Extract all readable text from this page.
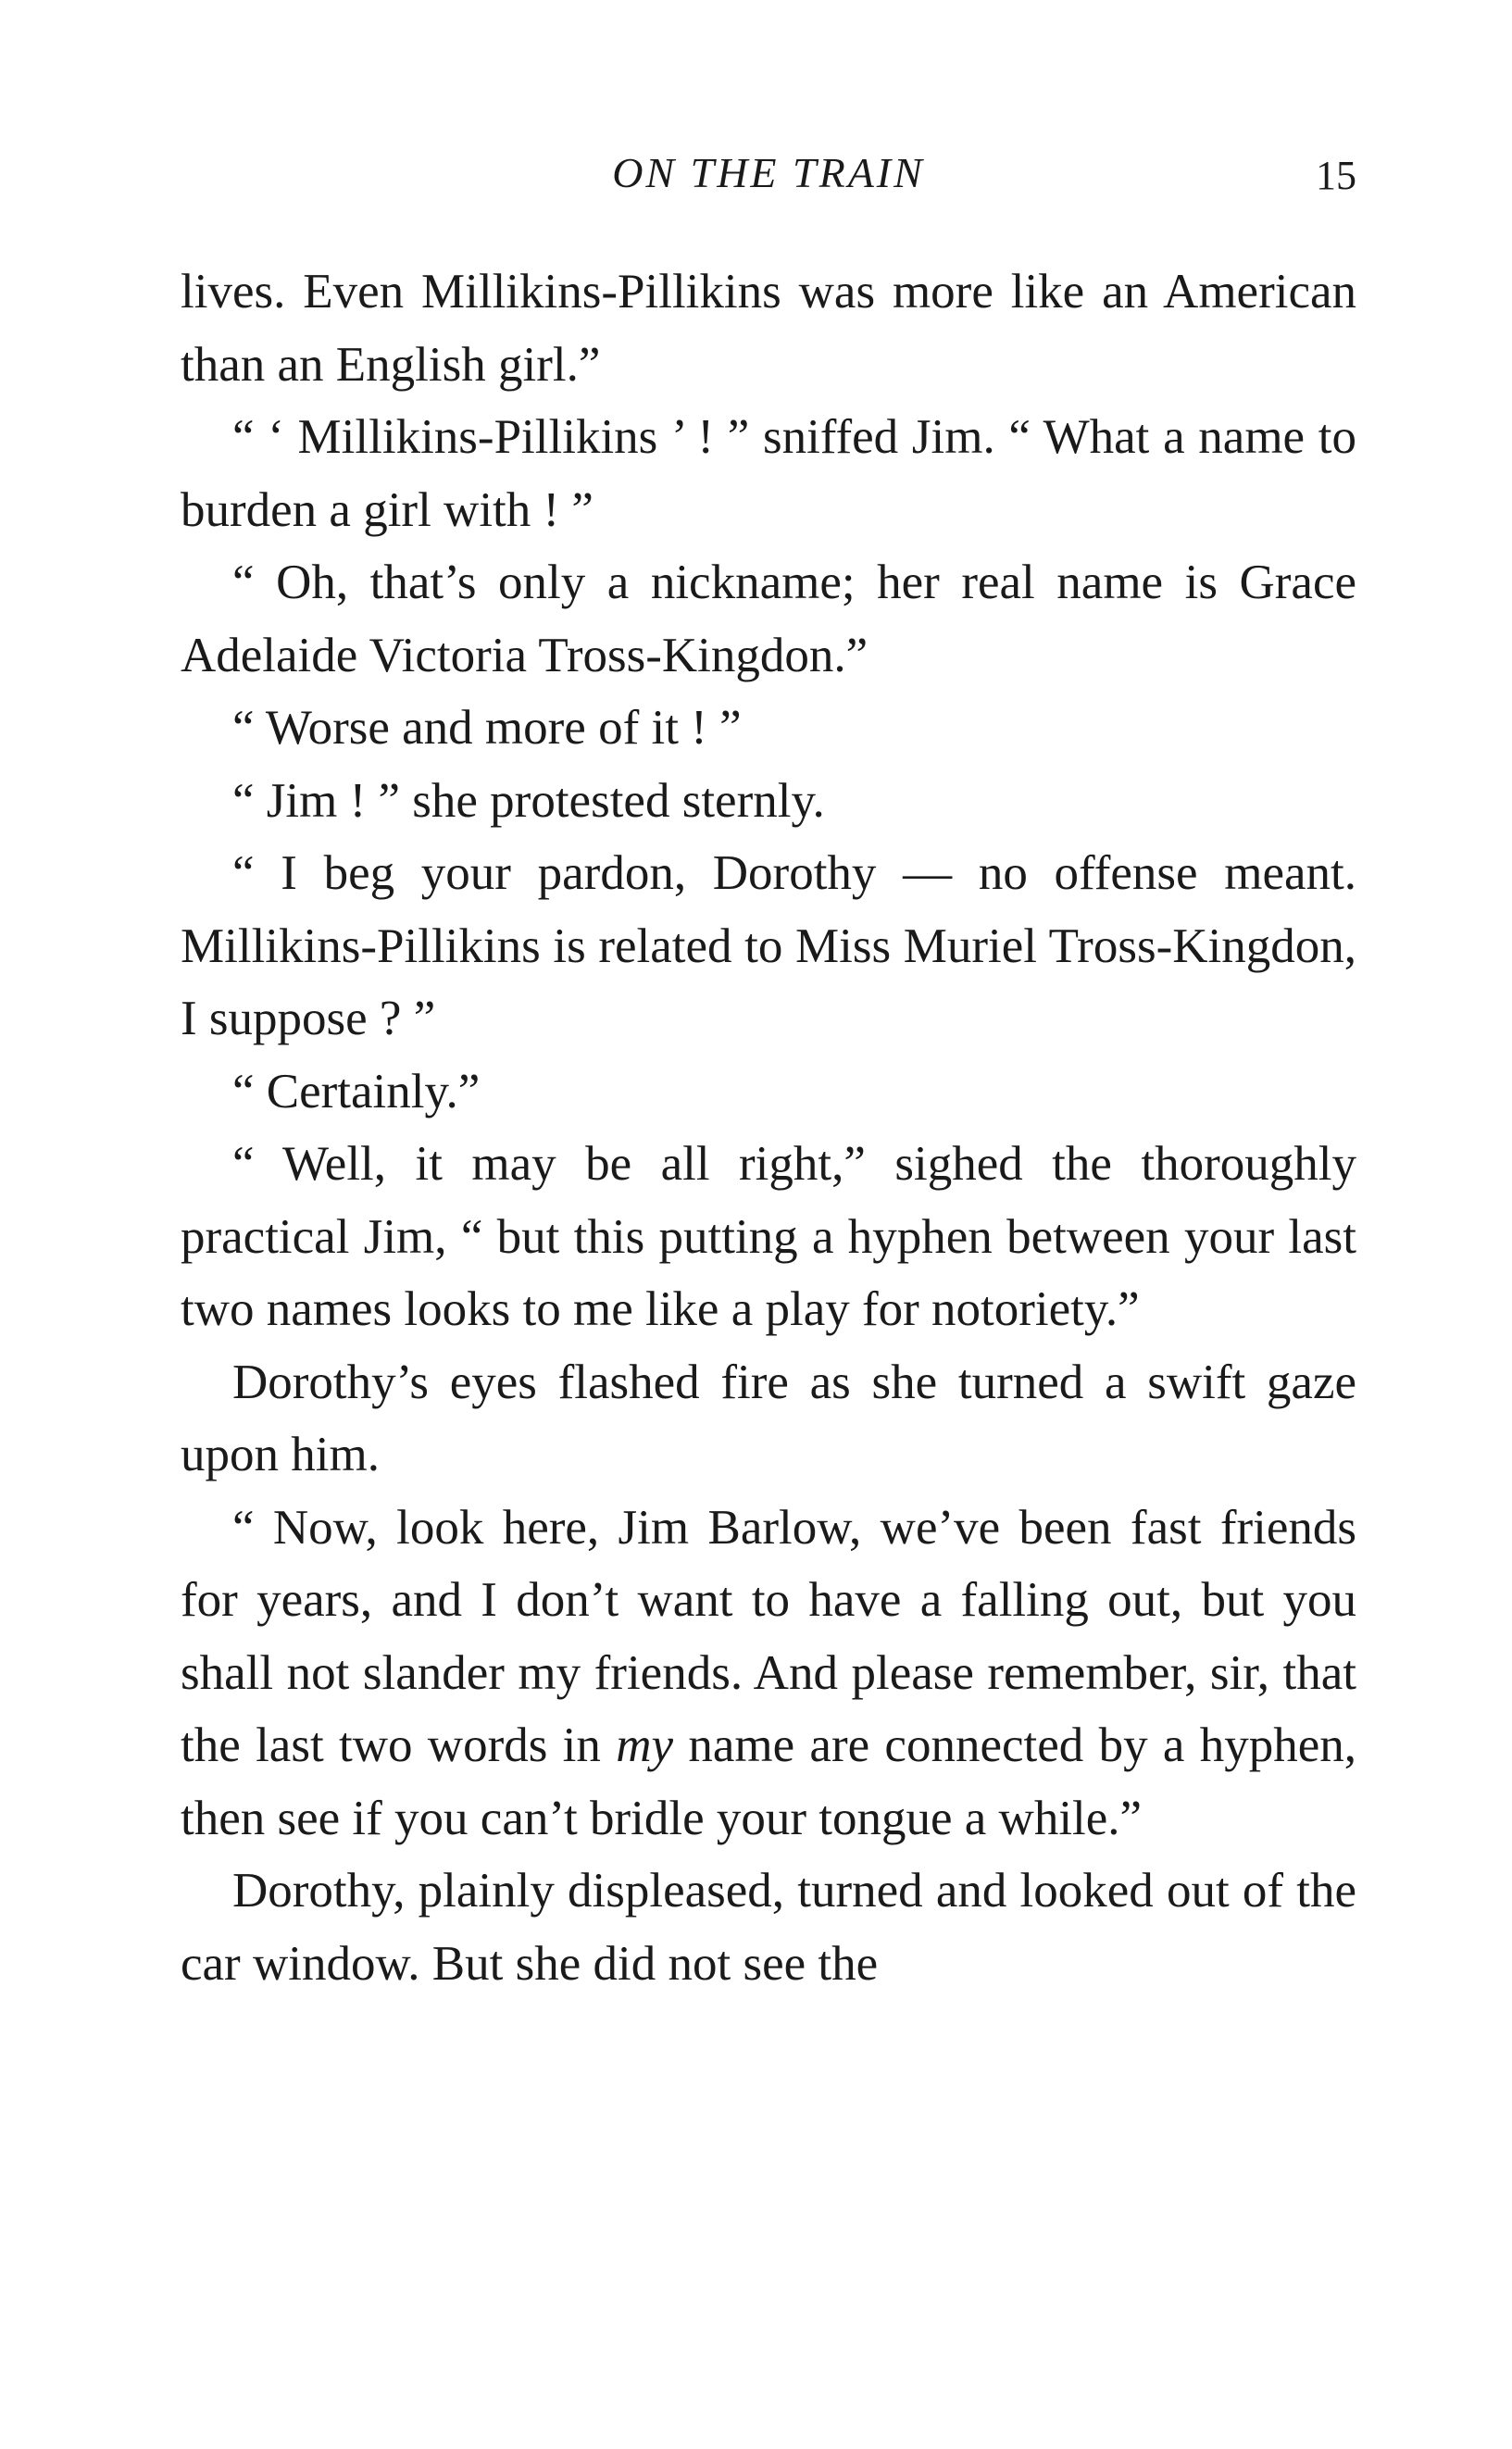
ON THE TRAIN	15

lives. Even Millikins-Pillikins was more like an American than an English girl.”

“ ‘ Millikins-Pillikins ’ ! ” sniffed Jim. “ What a name to burden a girl with ! ”

“ Oh, that’s only a nickname; her real name is Grace Adelaide Victoria Tross-Kingdon.”

“ Worse and more of it ! ”

“ Jim ! ” she protested sternly.

“ I beg your pardon, Dorothy — no offense meant. Millikins-Pillikins is related to Miss Muriel Tross-Kingdon, I suppose ? ”

“ Certainly.”

“ Well, it may be all right,” sighed the thoroughly practical Jim, “ but this putting a hyphen between your last two names looks to me like a play for notoriety.”

Dorothy’s eyes flashed fire as she turned a swift gaze upon him.

“ Now, look here, Jim Barlow, we’ve been fast friends for years, and I don’t want to have a falling out, but you shall not slander my friends. And please remember, sir, that the last two words in my name are connected by a hyphen, then see if you can’t bridle your tongue a while.”

Dorothy, plainly displeased, turned and looked out of the car window. But she did not see the
